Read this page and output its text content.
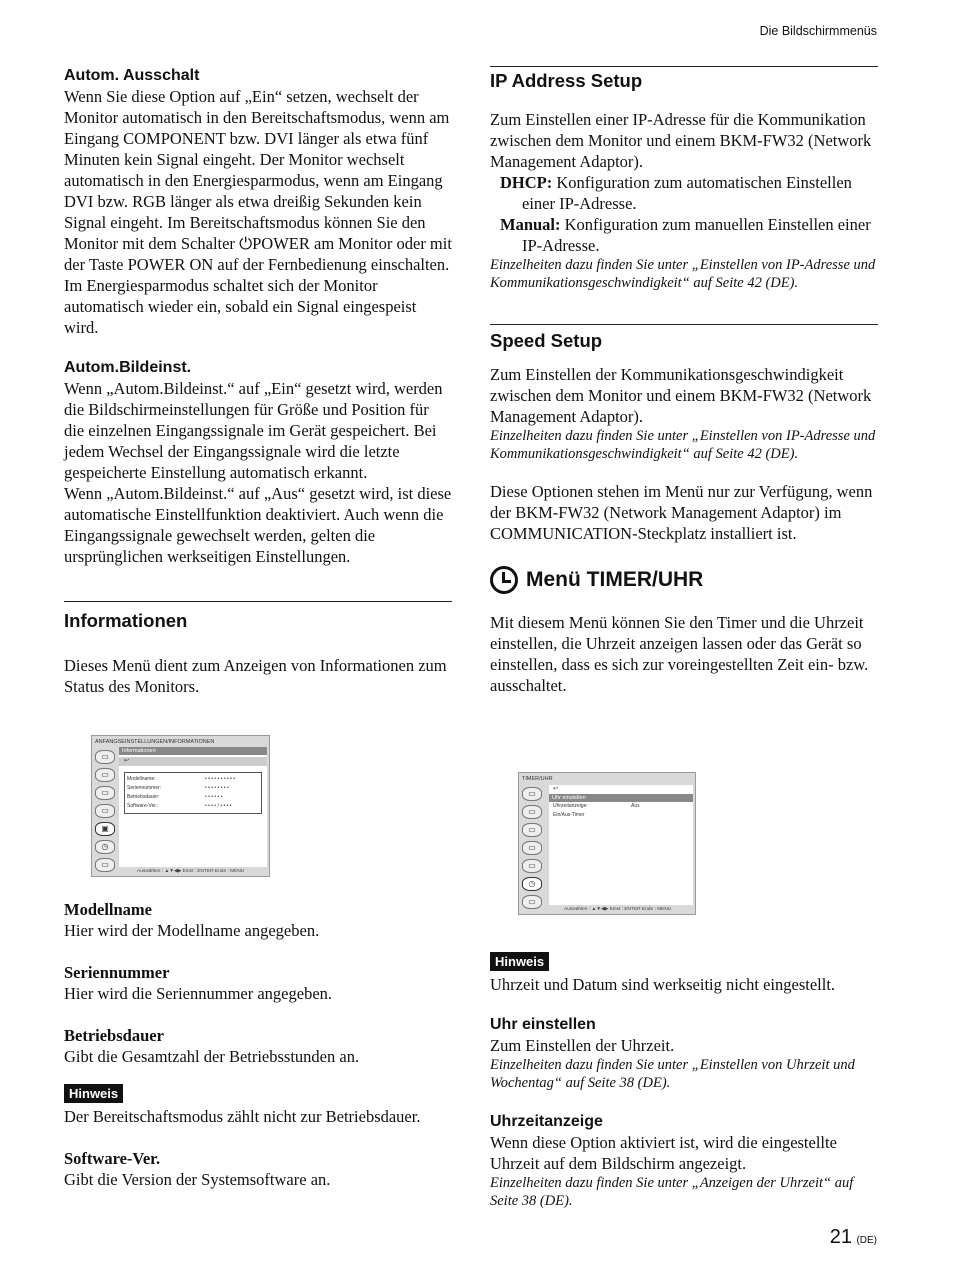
Die Bildschirmmenüs
Autom. Ausschalt

Wenn Sie diese Option auf „Ein“ setzen, wechselt der Monitor automatisch in den Bereitschaftsmodus, wenn am Eingang COMPONENT bzw. DVI länger als etwa fünf Minuten kein Signal eingeht. Der Monitor wechselt automatisch in den Energiesparmodus, wenn am Eingang DVI bzw. RGB länger als etwa dreißig Sekunden kein Signal eingeht. Im Bereitschaftsmodus können Sie den Monitor mit dem Schalter ⏻POWER am Monitor oder mit der Taste POWER ON auf der Fernbedienung einschalten. Im Energiesparmodus schaltet sich der Monitor automatisch wieder ein, sobald ein Signal eingespeist wird.

Autom.Bildeinst.

Wenn „Autom.Bildeinst.“ auf „Ein“ gesetzt wird, werden die Bildschirmeinstellungen für Größe und Position für die einzelnen Eingangssignale im Gerät gespeichert. Bei jedem Wechsel der Eingangssignale wird die letzte gespeicherte Einstellung automatisch erkannt.

Wenn „Autom.Bildeinst.“ auf „Aus“ gesetzt wird, ist diese automatische Einstellfunktion deaktiviert. Auch wenn die Eingangssignale gewechselt werden, gelten die ursprünglichen werkseitigen Einstellungen.

Informationen

Dieses Menü dient zum Anzeigen von Informationen zum Status des Monitors.

ANFANGSEINSTELLUNGEN/INFORMATIONEN
▭
▭
▭
▭
▣
◷
▭
Informationen
↩
Modellname:	• • • • • • • • • •
Seriennummer:	• • • • • • • •
Betriebsdauer:	• • • • • •
Software-Ver.:	• • • • / • • • •
Auswählen : ▲▼◀▶ Einst : ENTER Ende : MENU

Modellname

Hier wird der Modellname angegeben.

Seriennummer

Hier wird die Seriennummer angegeben.

Betriebsdauer

Gibt die Gesamtzahl der Betriebsstunden an.

Hinweis

Der Bereitschaftsmodus zählt nicht zur Betriebsdauer.

Software-Ver.

Gibt die Version der Systemsoftware an.

IP Address Setup

Zum Einstellen einer IP-Adresse für die Kommunikation zwischen dem Monitor und einem BKM-FW32 (Network Management Adaptor).

DHCP: Konfiguration zum automatischen Einstellen einer IP-Adresse.

Manual: Konfiguration zum manuellen Einstellen einer IP-Adresse.

Einzelheiten dazu finden Sie unter „Einstellen von IP-Adresse und Kommunikationsgeschwindigkeit“ auf Seite 42 (DE).

Speed Setup

Zum Einstellen der Kommunikationsgeschwindigkeit zwischen dem Monitor und einem BKM-FW32 (Network Management Adaptor).

Einzelheiten dazu finden Sie unter „Einstellen von IP-Adresse und Kommunikationsgeschwindigkeit“ auf Seite 42 (DE).

Diese Optionen stehen im Menü nur zur Verfügung, wenn der BKM-FW32 (Network Management Adaptor) im COMMUNICATION-Steckplatz installiert ist.

Menü TIMER/UHR

Mit diesem Menü können Sie den Timer und die Uhrzeit einstellen, die Uhrzeit anzeigen lassen oder das Gerät so einstellen, dass es sich zur voreingestellten Zeit ein- bzw. ausschaltet.

TIMER/UHR
▭
▭
▭
▭
▭
◷
▭
↩
Uhr einstellen
Uhrzeitanzeige:	Aus
Ein/Aus-Timer
Auswählen : ▲▼◀▶ Einst : ENTER Ende : MENU
Hinweis

Uhrzeit und Datum sind werkseitig nicht eingestellt.

Uhr einstellen

Zum Einstellen der Uhrzeit.

Einzelheiten dazu finden Sie unter „Einstellen von Uhrzeit und Wochentag“ auf Seite 38 (DE).

Uhrzeitanzeige

Wenn diese Option aktiviert ist, wird die eingestellte Uhrzeit auf dem Bildschirm angezeigt.

Einzelheiten dazu finden Sie unter „Anzeigen der Uhrzeit“ auf Seite 38 (DE).

21 (DE)
